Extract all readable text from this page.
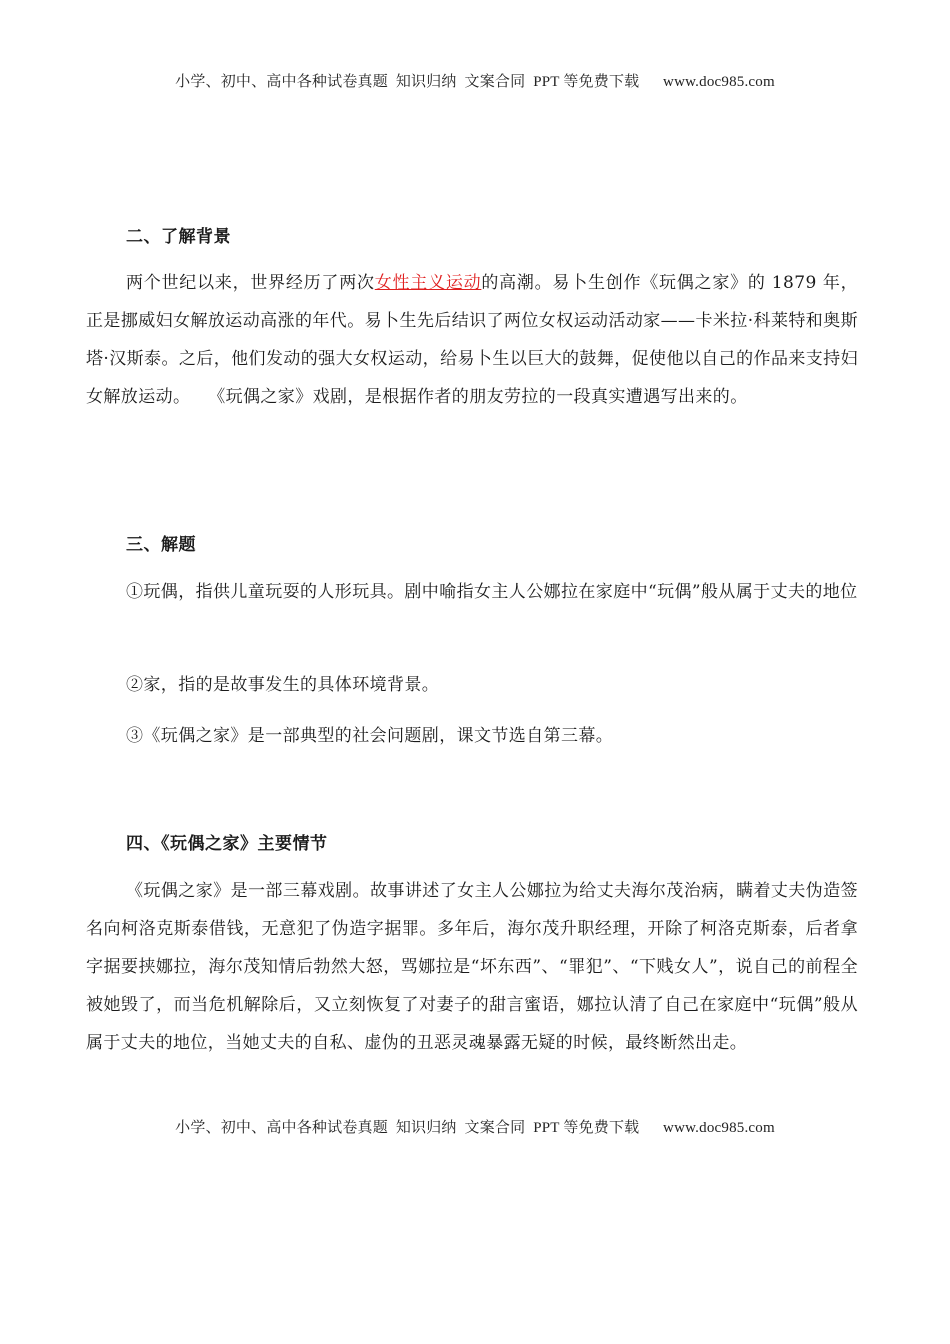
小学、初中、高中各种试卷真题  知识归纳  文案合同  PPT 等免费下载      www.doc985.com
二、了解背景
两个世纪以来，世界经历了两次女性主义运动的高潮。易卜生创作《玩偶之家》的 1879 年，正是挪威妇女解放运动高涨的年代。易卜生先后结识了两位女权运动活动家——卡米拉·科莱特和奥斯塔·汉斯泰。之后，他们发动的强大女权运动，给易卜生以巨大的鼓舞，促使他以自己的作品来支持妇女解放运动。　　《玩偶之家》戏剧，是根据作者的朋友劳拉的一段真实遭遇写出来的。
三、解题
①玩偶，指供儿童玩耍的人形玩具。剧中喻指女主人公娜拉在家庭中“玩偶”般从属于丈夫的地位
②家，指的是故事发生的具体环境背景。
③《玩偶之家》是一部典型的社会问题剧，课文节选自第三幕。
四、《玩偶之家》主要情节
《玩偶之家》是一部三幕戏剧。故事讲述了女主人公娜拉为给丈夫海尔茂治病，瞒着丈夫伪造签名向柯洛克斯泰借钱，无意犯了伪造字据罪。多年后，海尔茂升职经理，开除了柯洛克斯泰，后者拿字据要挟娜拉，海尔茂知情后勃然大怒，骂娜拉是“坏东西”、“罪犯”、“下贱女人”，说自己的前程全被她毁了，而当危机解除后，又立刻恢复了对妻子的甜言蜜语，娜拉认清了自己在家庭中“玩偶”般从属于丈夫的地位，当她丈夫的自私、虚伪的丑恶灵魂暴露无疑的时候，最终断然出走。
小学、初中、高中各种试卷真题  知识归纳  文案合同  PPT 等免费下载      www.doc985.com
